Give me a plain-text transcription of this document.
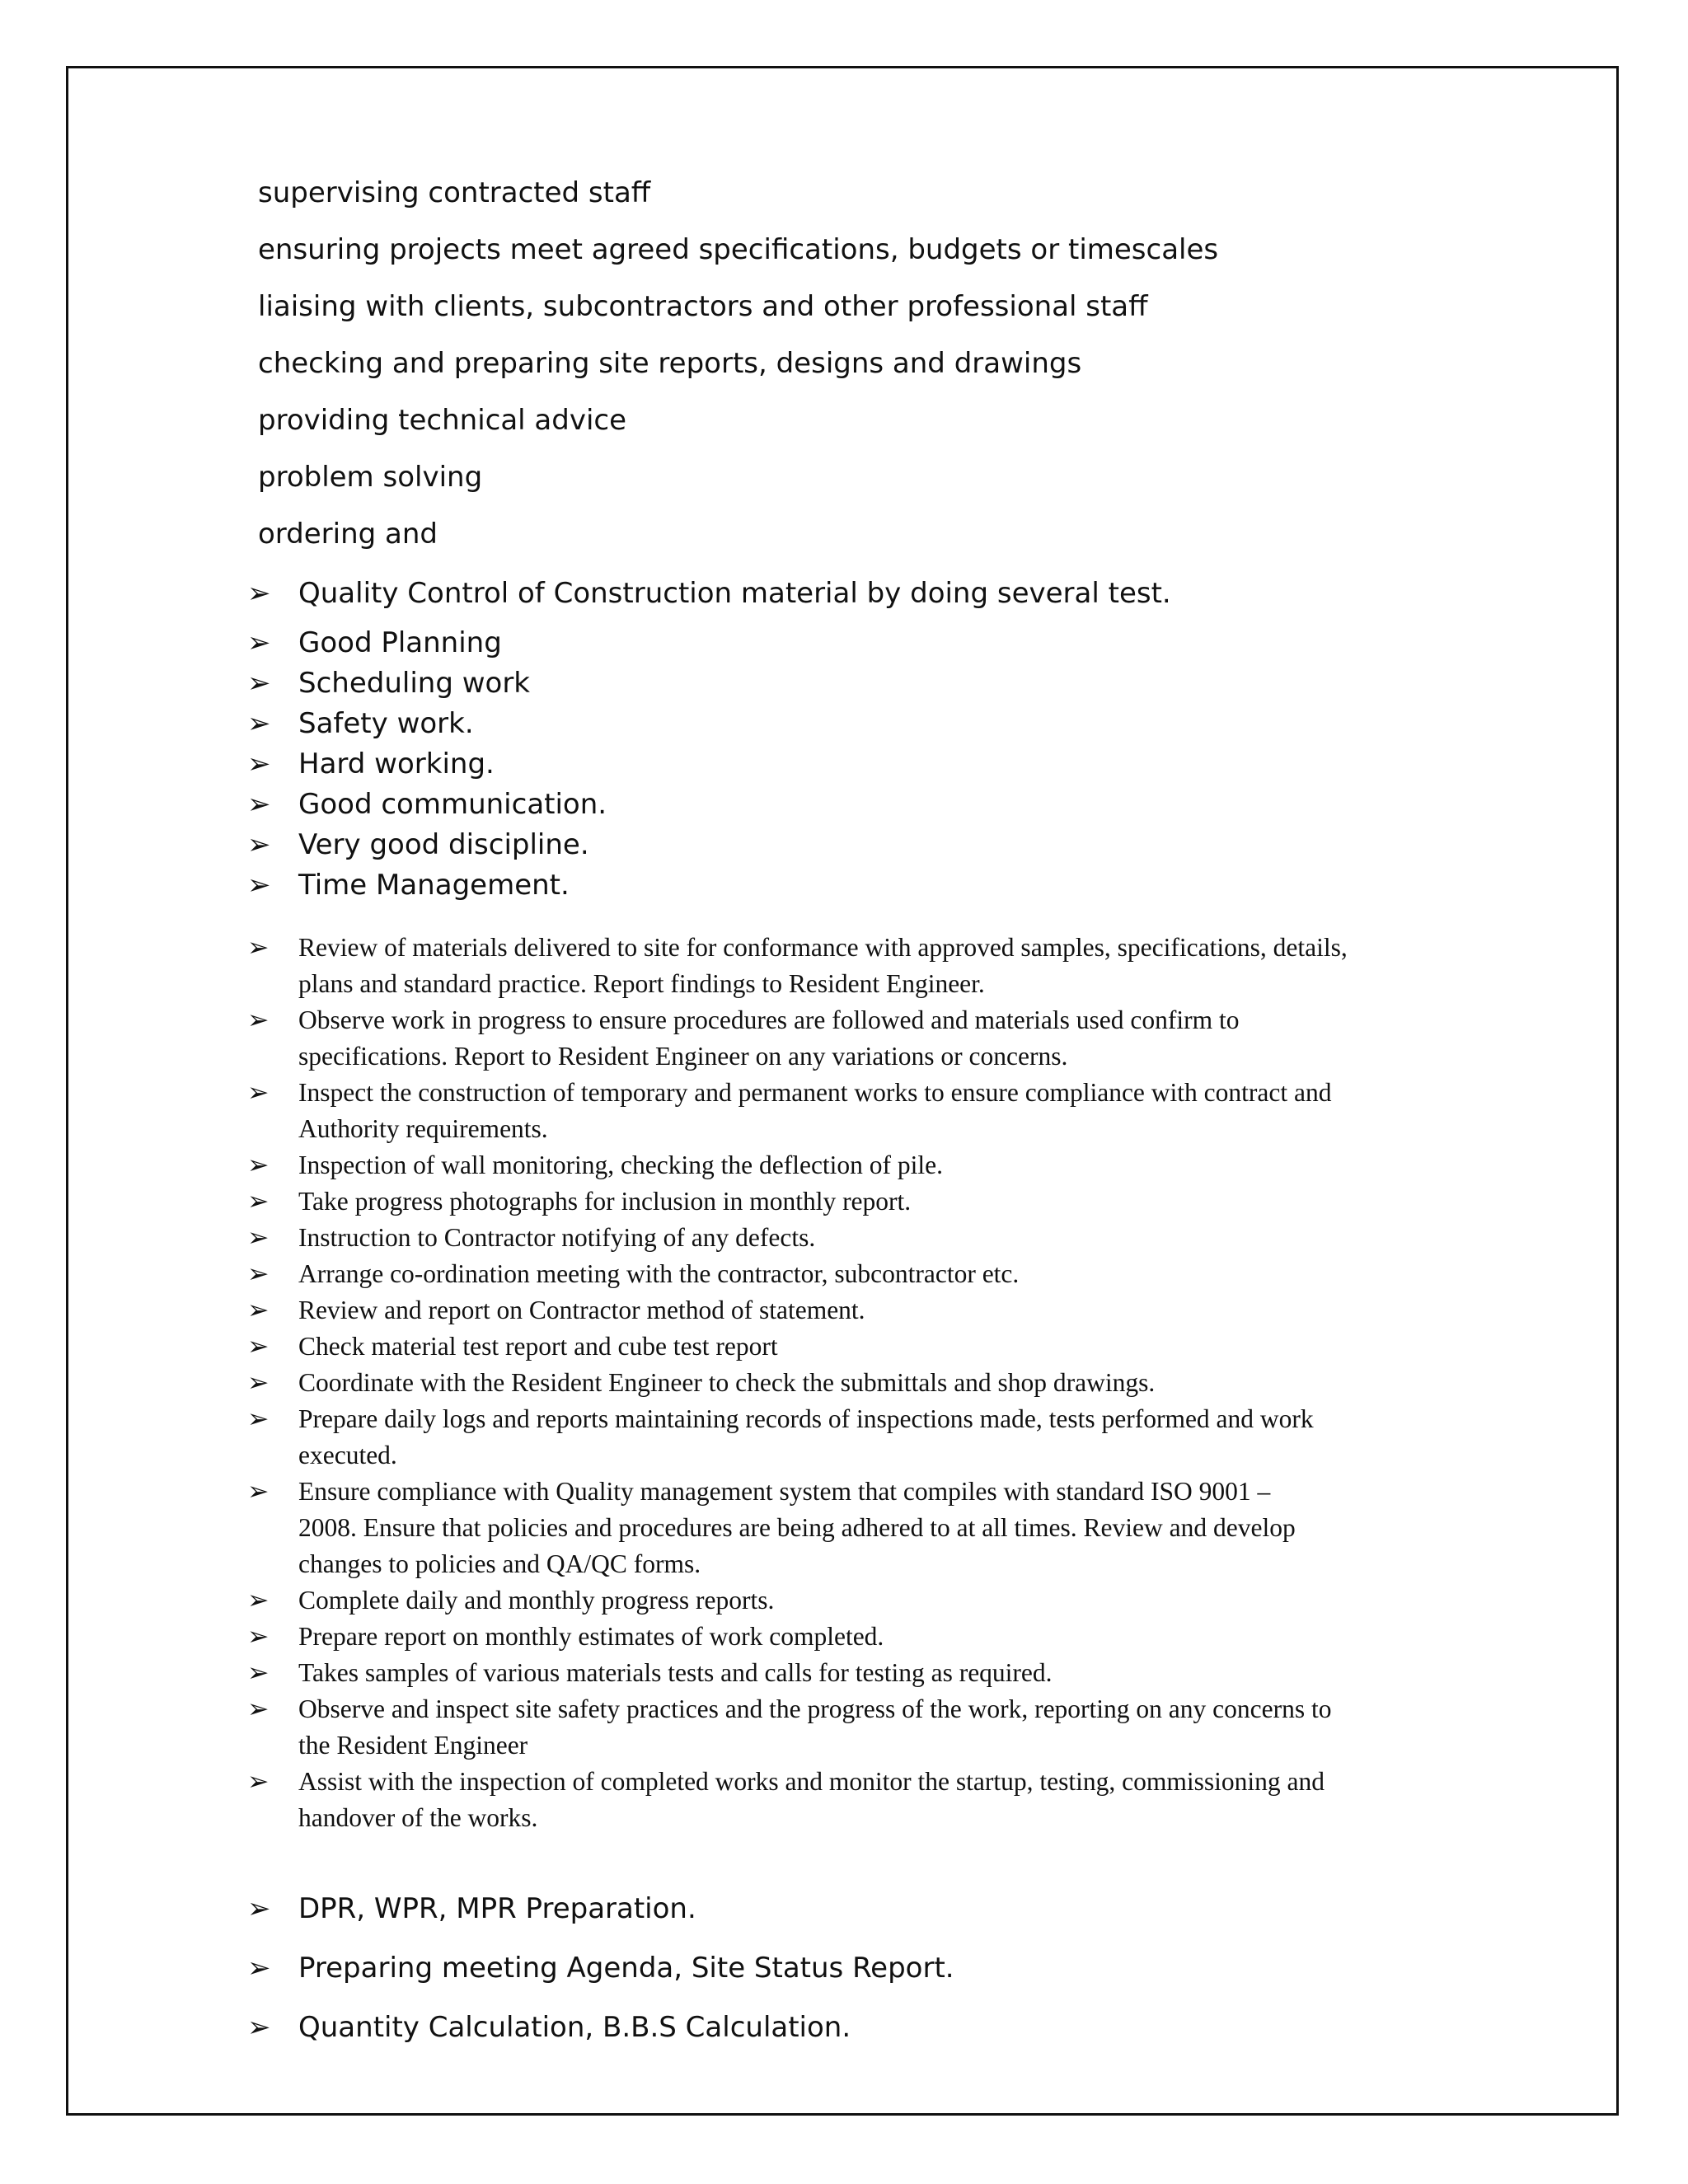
supervising contracted staff
ensuring projects meet agreed specifications, budgets or timescales
liaising with clients, subcontractors and other professional staff
checking and preparing site reports, designs and drawings
providing technical advice
problem solving
ordering and
➢ Quality Control of Construction material by doing several test.
➢ Good Planning
➢ Scheduling work
➢ Safety work.
➢ Hard working.
➢ Good communication.
➢ Very good discipline.
➢ Time Management.
➢	Review of materials delivered to site for conformance with approved samples, specifications, details,
plans and standard practice. Report findings to Resident Engineer.
➢	Observe work in progress to ensure procedures are followed and materials used confirm to
specifications. Report to Resident Engineer on any variations or concerns.
➢	Inspect the construction of temporary and permanent works to ensure compliance with contract and
Authority requirements.
➢	Inspection of wall monitoring, checking the deflection of pile.
➢	Take progress photographs for inclusion in monthly report.
➢	Instruction to Contractor notifying of any defects.
➢	Arrange co-ordination meeting with the contractor, subcontractor etc.
➢	Review and report on Contractor method of statement.
➢	Check material test report and cube test report
➢	Coordinate with the Resident Engineer to check the submittals and shop drawings.
➢	Prepare daily logs and reports maintaining records of inspections made, tests performed and work
executed.
➢	Ensure compliance with Quality management system that compiles with standard ISO 9001 –
2008. Ensure that policies and procedures are being adhered to at all times. Review and develop
changes to policies and QA/QC forms.
➢	Complete daily and monthly progress reports.
➢	Prepare report on monthly estimates of work completed.
➢	Takes samples of various materials tests and calls for testing as required.
➢	Observe and inspect site safety practices and the progress of the work, reporting on any concerns to
the Resident Engineer
➢	Assist with the inspection of completed works and monitor the startup, testing, commissioning and
handover of the works.
➢ DPR, WPR, MPR Preparation.
➢ Preparing meeting Agenda, Site Status Report.
➢ Quantity Calculation, B.B.S Calculation.
